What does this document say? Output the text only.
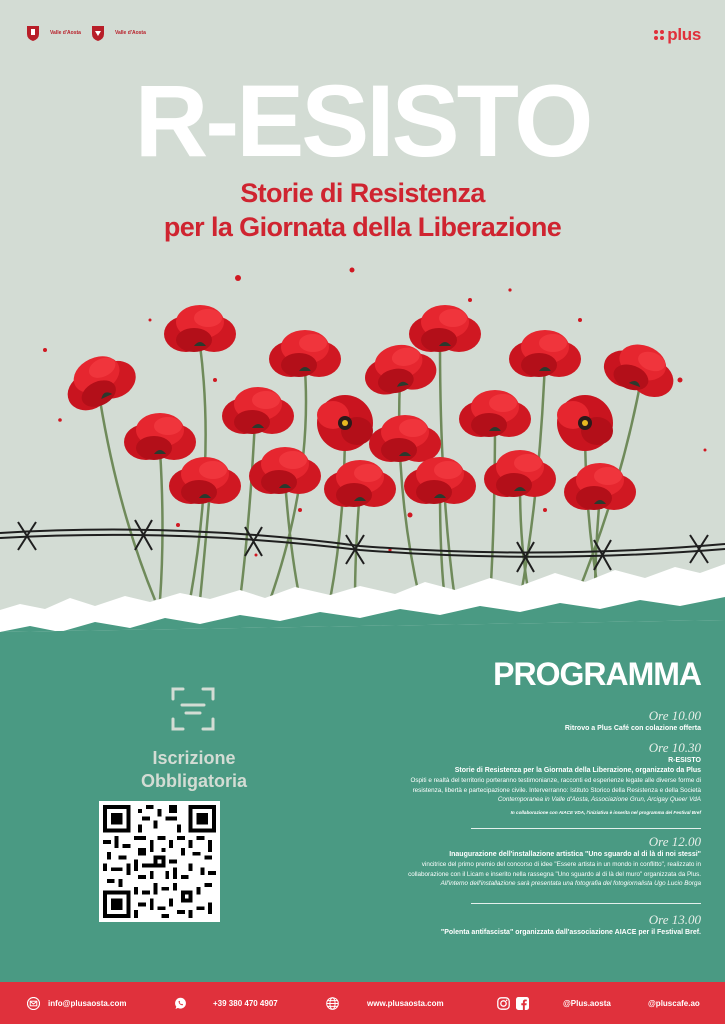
Valle d'Aosta	Valle d'Aosta	plus
R-ESISTO
Storie di Resistenza
per la Giornata della Liberazione
Iscrizione
Obbligatoria
PROGRAMMA
Ore 10.00
Ritrovo a Plus Café con colazione offerta
Ore 10.30
R-ESISTO
Storie di Resistenza per la Giornata della Liberazione, organizzato da Plus
Ospiti e realtà del territorio porteranno testimonianze, racconti ed esperienze legate alle diverse forme di
resistenza, libertà e partecipazione civile. Interverranno: Istituto Storico della Resistenza e della Società
Contemporanea in Valle d'Aosta, Associazione Grun, Arcigay Queer VdA
In collaborazione con AIACE VDA, l'iniziativa è inserita nel programma del Festival Bref
Ore 12.00
Inaugurazione dell'installazione artistica "Uno sguardo al di là di noi stessi"
vincitrice del primo premio del concorso di idee "Essere artista in un mondo in conflitto", realizzato in
collaborazione con il Licam e inserito nella rassegna "Uno sguardo al di là del muro" organizzata da Plus.
All'interno dell'installazione sarà presentata una fotografia del fotogiornalista Ugo Lucio Borga
Ore 13.00
"Polenta antifascista" organizzata dall'associazione AIACE per il Festival Bref.
info@plusaosta.com	+39 380 470 4907	www.plusaosta.com	@Plus.aosta	@pluscafe.ao
